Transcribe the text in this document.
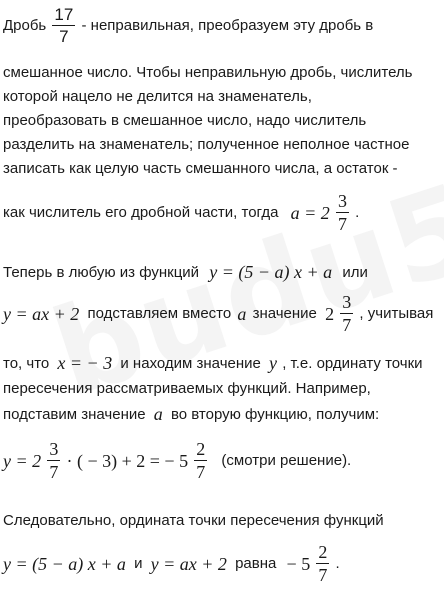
Дробь $\frac{17}{7}$ - неправильная, преобразуем эту дробь в
смешанное число. Чтобы неправильную дробь, числитель
которой нацело не делится на знаменатель,
преобразовать в смешанное число, надо числитель
разделить на знаменатель; полученное неполное частное
записать как целую часть смешанного числа, а остаток -
как числитель его дробной части, тогда $a = 2 \frac{3}{7}$ .
Теперь в любую из функций y = (5 − a) x + a или
y = ax + 2 подставляем вместо a значение $2 \frac{3}{7}$ , учитывая
то, что x = − 3 и находим значение y , т.е. ординату точки
пересечения рассматриваемых функций. Например,
подставим значение a во вторую функцию, получим:
$y = 2 \frac{3}{7}$ · ( − 3) + 2 = − $5 \frac{2}{7}$ (смотри решение).
Следовательно, ордината точки пересечения функций
y = (5 − a) x + a и y = ax + 2 равна − $5 \frac{2}{7}$ .
